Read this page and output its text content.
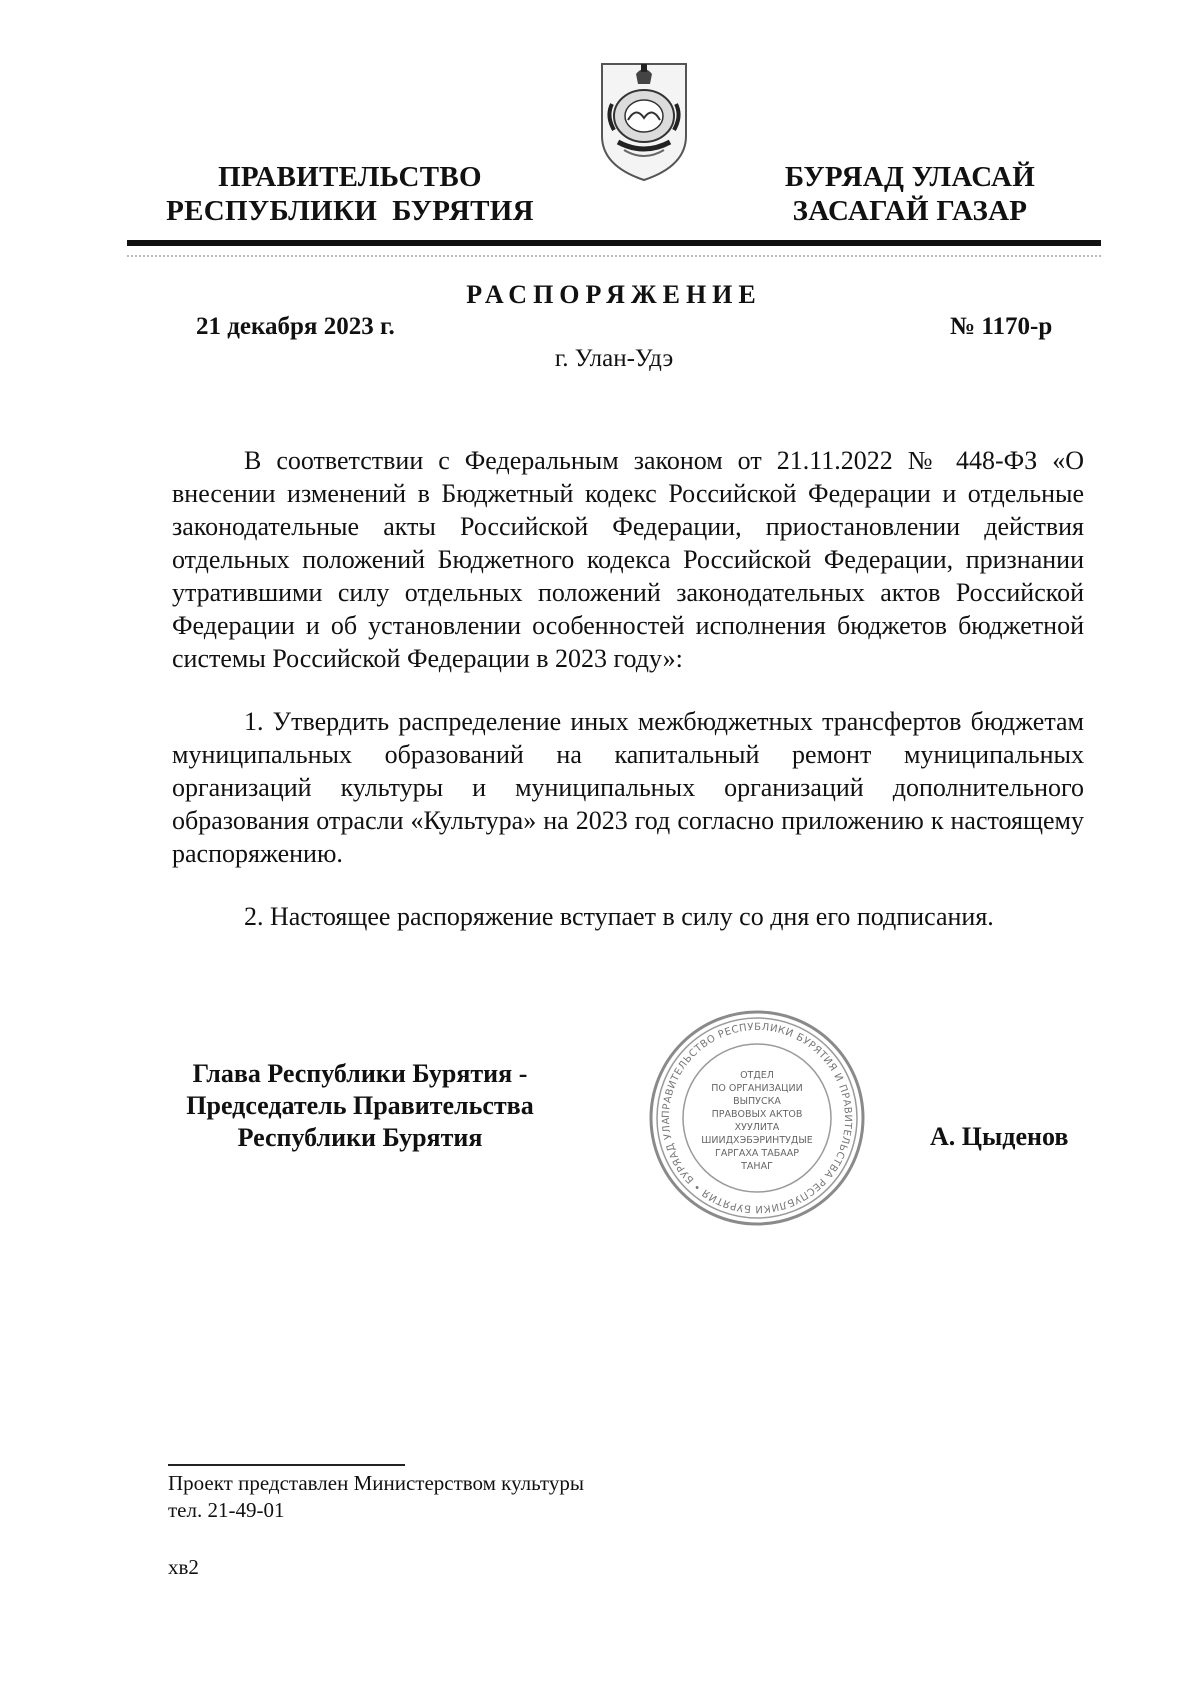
ПРАВИТЕЛЬСТВО
РЕСПУБЛИКИ  БУРЯТИЯ
БУРЯАД УЛАСАЙ
ЗАСАГАЙ ГАЗАР
РАСПОРЯЖЕНИЕ
21 декабря 2023 г.	№ 1170-р
г. Улан-Удэ
В соответствии с Федеральным законом от 21.11.2022 № 448-ФЗ «О внесении изменений в Бюджетный кодекс Российской Федерации и отдельные законодательные акты Российской Федерации, приостановлении действия отдельных положений Бюджетного кодекса Российской Федерации, признании утратившими силу отдельных положений законодательных актов Российской Федерации и об установлении особенностей исполнения бюджетов бюджетной системы Российской Федерации в 2023 году»:
1. Утвердить распределение иных межбюджетных трансфертов бюджетам муниципальных образований на капитальный ремонт муниципальных организаций культуры и муниципальных организаций дополнительного образования отрасли «Культура» на 2023 год согласно приложению к настоящему распоряжению.
2. Настоящее распоряжение вступает в силу со дня его подписания.
Глава Республики Бурятия -
Председатель Правительства
Республики Бурятия
ПРАВИТЕЛЬСТВО РЕСПУБЛИКИ БУРЯТИЯ И ПРАВИТЕЛЬСТВА РЕСПУБЛИКИ БУРЯТИЯ • БУРЯАД УЛА
ОТДЕЛ
ПО ОРГАНИЗАЦИИ
ВЫПУСКА
ПРАВОВЫХ АКТОВ
ХУУЛИТА
ШИИДХЭБЭРИНТУДЫЕ
ГАРГАХА ТАБААР
ТАНАГ
А. Цыденов
Проект представлен Министерством культуры
тел. 21-49-01
хв2
